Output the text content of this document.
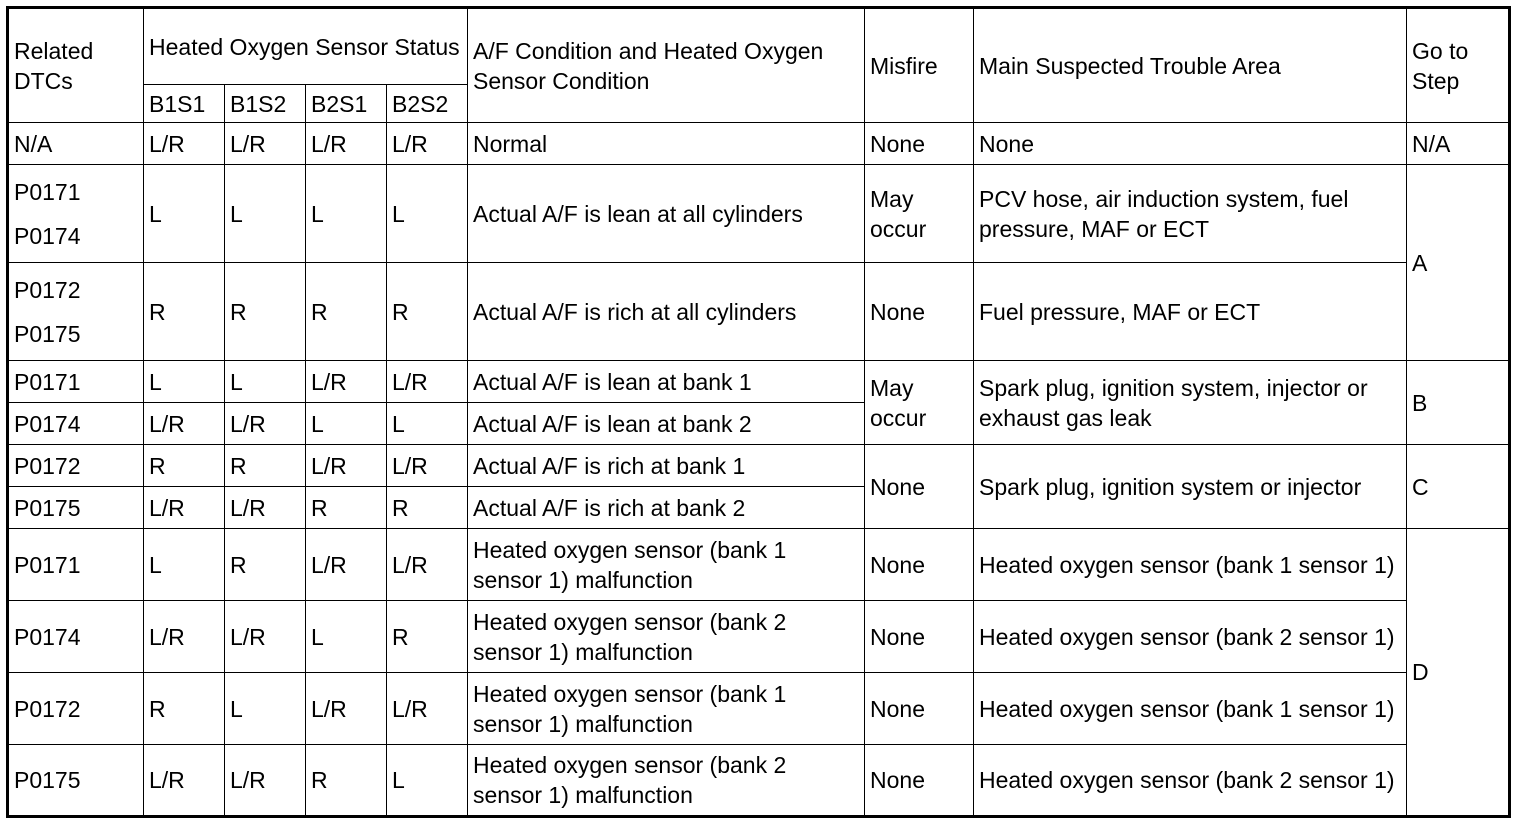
Related DTCs	Heated Oxygen Sensor Status				A/F Condition and Heated Oxygen Sensor Condition	Misfire	Main Suspected Trouble Area	Go to Step
	B1S1	B1S2	B2S1	B2S2				
N/A	L/R	L/R	L/R	L/R	Normal	None	None	N/A

P0171
P0174	L	L	L	L	Actual A/F is lean at all cylinders	May occur	PCV hose, air induction system, fuel pressure, MAF or ECT	A

P0172
P0175	R	R	R	R	Actual A/F is rich at all cylinders	None	Fuel pressure, MAF or ECT	
P0171	L	L	L/R	L/R	Actual A/F is lean at bank 1	May occur	Spark plug, ignition system, injector or exhaust gas leak	B
P0174	L/R	L/R	L	L	Actual A/F is lean at bank 2			
P0172	R	R	L/R	L/R	Actual A/F is rich at bank 1	None	Spark plug, ignition system or injector	C
P0175	L/R	L/R	R	R	Actual A/F is rich at bank 2			
P0171	L	R	L/R	L/R	Heated oxygen sensor (bank 1 sensor 1) malfunction	None	Heated oxygen sensor (bank 1 sensor 1)	D
P0174	L/R	L/R	L	R	Heated oxygen sensor (bank 2 sensor 1) malfunction	None	Heated oxygen sensor (bank 2 sensor 1)	
P0172	R	L	L/R	L/R	Heated oxygen sensor (bank 1 sensor 1) malfunction	None	Heated oxygen sensor (bank 1 sensor 1)	
P0175	L/R	L/R	R	L	Heated oxygen sensor (bank 2 sensor 1) malfunction	None	Heated oxygen sensor (bank 2 sensor 1)	
